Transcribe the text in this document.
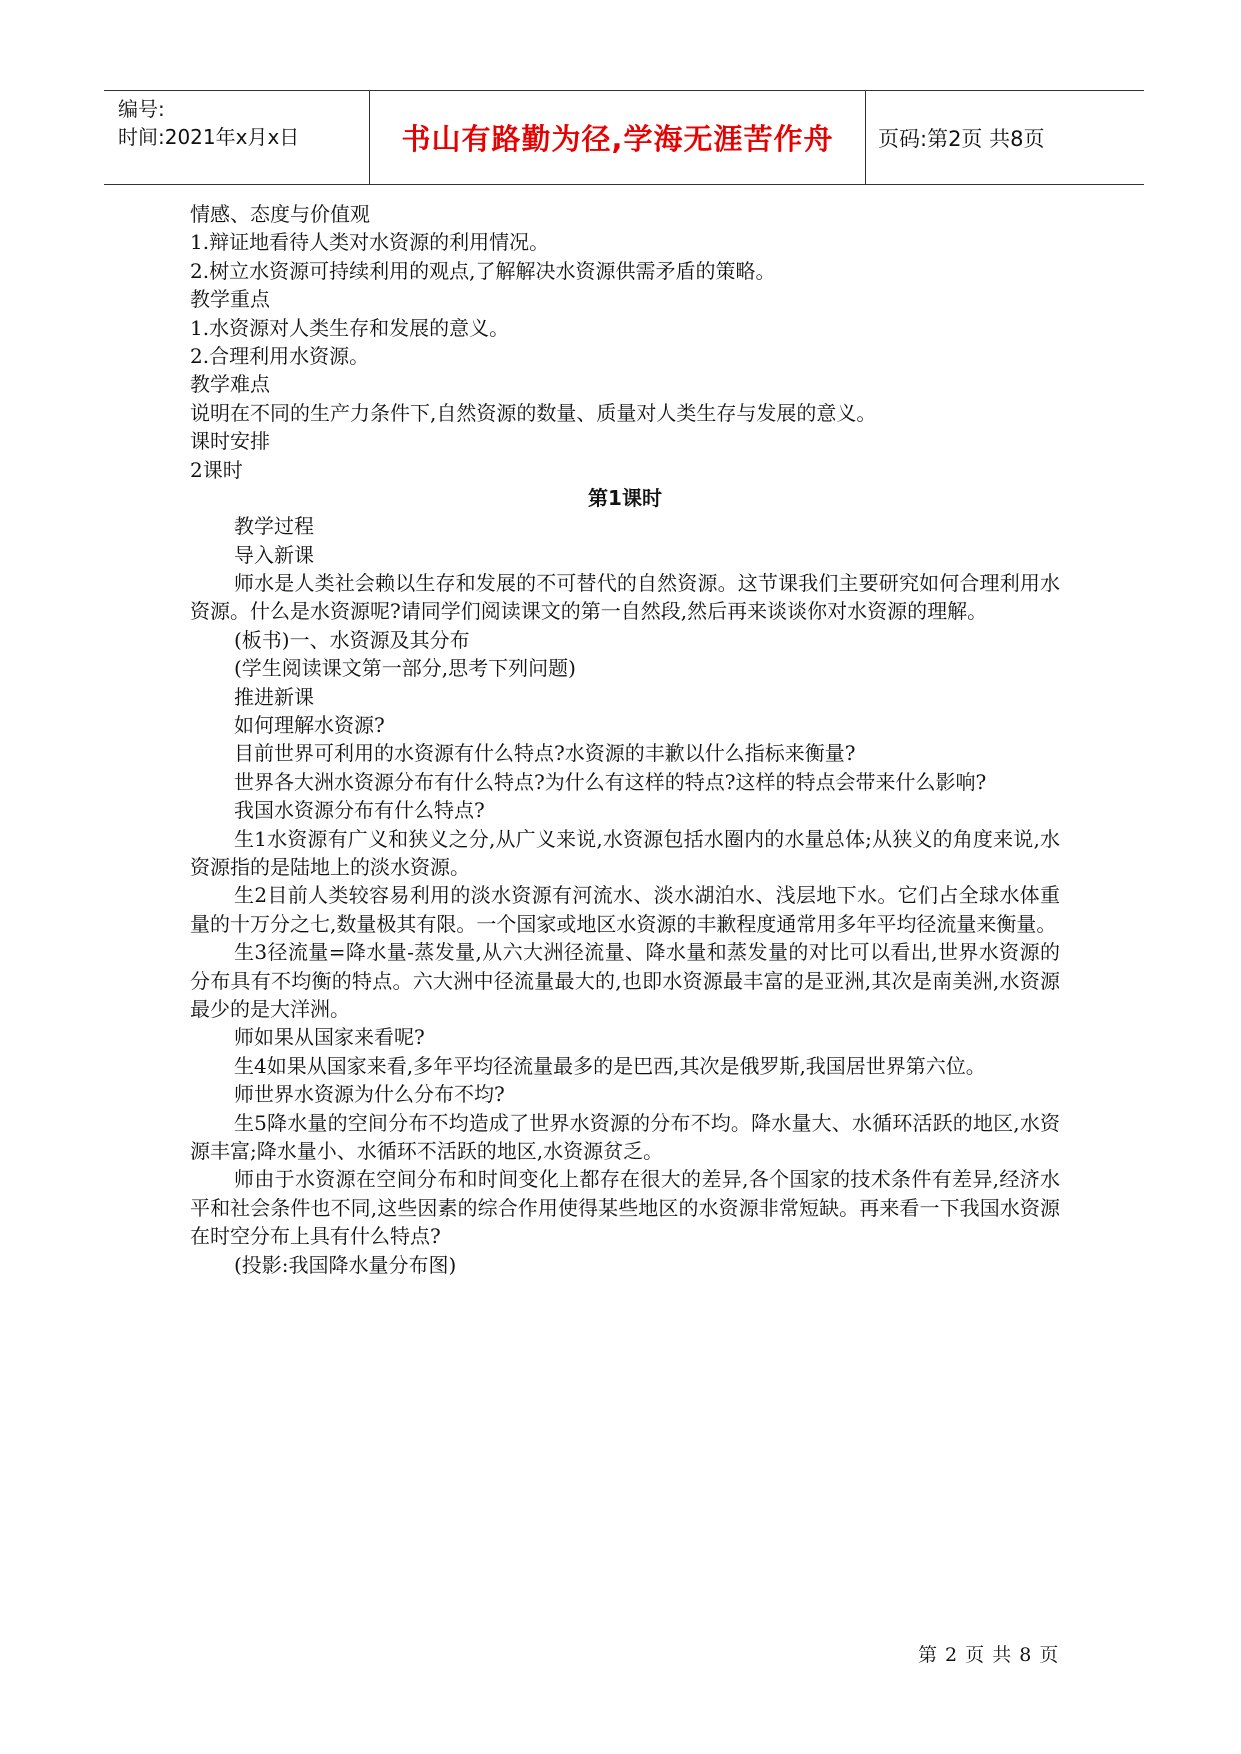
编号:
时间:2021年x月x日	书山有路勤为径,学海无涯苦作舟 页码:第2页 共8页
情感、态度与价值观
1.辩证地看待人类对水资源的利用情况。
2.树立水资源可持续利用的观点,了解解决水资源供需矛盾的策略。
教学重点
1.水资源对人类生存和发展的意义。
2.合理利用水资源。
教学难点
说明在不同的生产力条件下,自然资源的数量、质量对人类生存与发展的意义。
课时安排
2课时
第1课时
教学过程
导入新课
师水是人类社会赖以生存和发展的不可替代的自然资源。这节课我们主要研究如何合理利用水资源。什么是水资源呢?请同学们阅读课文的第一自然段,然后再来谈谈你对水资源的理解。
(板书)一、水资源及其分布
(学生阅读课文第一部分,思考下列问题)
推进新课
如何理解水资源?
目前世界可利用的水资源有什么特点?水资源的丰歉以什么指标来衡量?
世界各大洲水资源分布有什么特点?为什么有这样的特点?这样的特点会带来什么影响?
我国水资源分布有什么特点?
生1水资源有广义和狭义之分,从广义来说,水资源包括水圈内的水量总体;从狭义的角度来说,水资源指的是陆地上的淡水资源。
生2目前人类较容易利用的淡水资源有河流水、淡水湖泊水、浅层地下水。它们占全球水体重量的十万分之七,数量极其有限。一个国家或地区水资源的丰歉程度通常用多年平均径流量来衡量。
生3径流量=降水量-蒸发量,从六大洲径流量、降水量和蒸发量的对比可以看出,世界水资源的分布具有不均衡的特点。六大洲中径流量最大的,也即水资源最丰富的是亚洲,其次是南美洲,水资源最少的是大洋洲。
师如果从国家来看呢?
生4如果从国家来看,多年平均径流量最多的是巴西,其次是俄罗斯,我国居世界第六位。
师世界水资源为什么分布不均?
生5降水量的空间分布不均造成了世界水资源的分布不均。降水量大、水循环活跃的地区,水资源丰富;降水量小、水循环不活跃的地区,水资源贫乏。
师由于水资源在空间分布和时间变化上都存在很大的差异,各个国家的技术条件有差异,经济水平和社会条件也不同,这些因素的综合作用使得某些地区的水资源非常短缺。再来看一下我国水资源在时空分布上具有什么特点?
(投影:我国降水量分布图)
第 2 页 共 8 页
